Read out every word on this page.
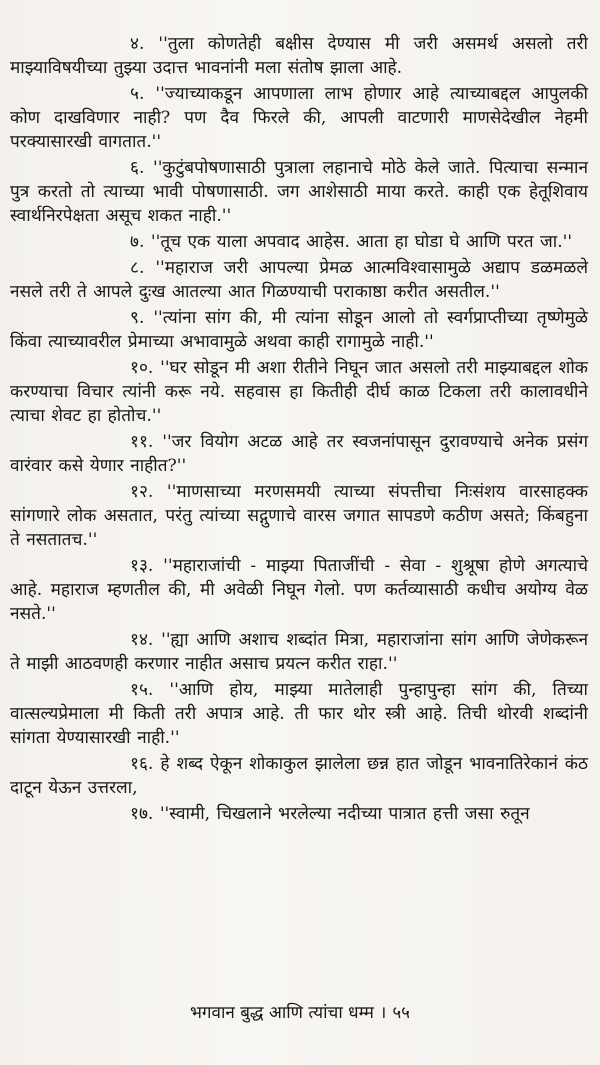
४. ''तुला कोणतेही बक्षीस देण्यास मी जरी असमर्थ असलो तरी माझ्याविषयीच्या तुझ्या उदात्त भावनांनी मला संतोष झाला आहे.

५. ''ज्याच्याकडून आपणाला लाभ होणार आहे त्याच्याबद्दल आपुलकी कोण दाखविणार नाही? पण दैव फिरले की, आपली वाटणारी माणसेदेखील नेहमी परक्यासारखी वागतात.''

६. ''कुटुंबपोषणासाठी पुत्राला लहानाचे मोठे केले जाते. पित्याचा सन्मान पुत्र करतो तो त्याच्या भावी पोषणासाठी. जग आशेसाठी माया करते. काही एक हेतूशिवाय स्वार्थनिरपेक्षता असूच शकत नाही.''

७. ''तूच एक याला अपवाद आहेस. आता हा घोडा घे आणि परत जा.''

८. ''महाराज जरी आपल्या प्रेमळ आत्मविश्वासामुळे अद्याप डळमळले नसले तरी ते आपले दुःख आतल्या आत गिळण्याची पराकाष्ठा करीत असतील.''

९. ''त्यांना सांग की, मी त्यांना सोडून आलो तो स्वर्गप्राप्तीच्या तृष्णेमुळे किंवा त्याच्यावरील प्रेमाच्या अभावामुळे अथवा काही रागामुळे नाही.''

१०. ''घर सोडून मी अशा रीतीने निघून जात असलो तरी माझ्याबद्दल शोक करण्याचा विचार त्यांनी करू नये. सहवास हा कितीही दीर्घ काळ टिकला तरी कालावधीने त्याचा शेवट हा होतोच.''

११. ''जर वियोग अटळ आहे तर स्वजनांपासून दुरावण्याचे अनेक प्रसंग वारंवार कसे येणार नाहीत?''

१२. ''माणसाच्या मरणसमयी त्याच्या संपत्तीचा निःसंशय वारसाहक्क सांगणारे लोक असतात, परंतु त्यांच्या सद्गुणाचे वारस जगात सापडणे कठीण असते; किंबहुना ते नसतातच.''

१३. ''महाराजांची - माझ्या पिताजींची - सेवा - शुश्रूषा होणे अगत्याचे आहे. महाराज म्हणतील की, मी अवेळी निघून गेलो. पण कर्तव्यासाठी कधीच अयोग्य वेळ नसते.''

१४. ''ह्या आणि अशाच शब्दांत मित्रा, महाराजांना सांग आणि जेणेकरून ते माझी आठवणही करणार नाहीत असाच प्रयत्न करीत राहा.''

१५. ''आणि होय, माझ्या मातेलाही पुन्हापुन्हा सांग की, तिच्या वात्सल्यप्रेमाला मी किती तरी अपात्र आहे. ती फार थोर स्त्री आहे. तिची थोरवी शब्दांनी सांगता येण्यासारखी नाही.''

१६. हे शब्द ऐकून शोकाकुल झालेला छन्न हात जोडून भावनातिरेकानं कंठ दाटून येऊन उत्तरला,

१७. ''स्वामी, चिखलाने भरलेल्या नदीच्या पात्रात हत्ती जसा रुतून

भगवान बुद्ध आणि त्यांचा धम्म । ५५
